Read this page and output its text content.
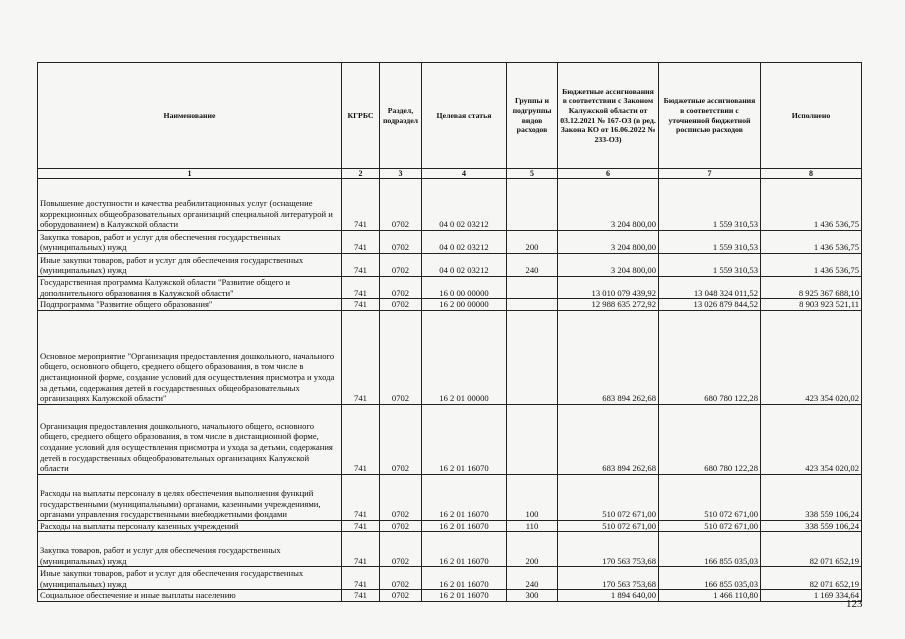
Наименование	КГРБС	Раздел, подраздел	Целевая статья	Группы и подгруппы видов расходов	Бюджетные ассигнования в соответствии с Законом Калужской области от 03.12.2021 № 167-ОЗ (в ред. Закона КО от 16.06.2022 № 233-ОЗ)	Бюджетные ассигнования в соответствии с уточненной бюджетной росписью расходов	Исполнено
1	2	3	4	5	6	7	8
Повышение доступности и качества реабилитационных услуг (оснащение коррекционных общеобразовательных организаций специальной литературой и оборудованием) в Калужской области	741	0702	04 0 02 03212		3 204 800,00	1 559 310,53	1 436 536,75
Закупка товаров, работ и услуг для обеспечения государственных (муниципальных) нужд	741	0702	04 0 02 03212	200	3 204 800,00	1 559 310,53	1 436 536,75
Иные закупки товаров, работ и услуг для обеспечения государственных (муниципальных) нужд	741	0702	04 0 02 03212	240	3 204 800,00	1 559 310,53	1 436 536,75
Государственная программа Калужской области "Развитие общего и дополнительного образования в Калужской области"	741	0702	16 0 00 00000		13 010 079 439,92	13 048 324 011,52	8 925 367 688,10
Подпрограмма "Развитие общего образования"	741	0702	16 2 00 00000		12 988 635 272,92	13 026 879 844,52	8 903 923 521,11
Основное мероприятие "Организация предоставления дошкольного, начального общего, основного общего, среднего общего образования, в том числе в дистанционной форме, создание условий для осуществления присмотра и ухода за детьми, содержания детей в государственных общеобразовательных организациях Калужской области"	741	0702	16 2 01 00000		683 894 262,68	680 780 122,28	423 354 020,02
Организация предоставления дошкольного, начального общего, основного общего, среднего общего образования, в том числе в дистанционной форме, создание условий для осуществления присмотра и ухода за детьми, содержания детей в государственных общеобразовательных организациях Калужской области	741	0702	16 2 01 16070		683 894 262,68	680 780 122,28	423 354 020,02
Расходы на выплаты персоналу в целях обеспечения выполнения функций государственными (муниципальными) органами, казенными учреждениями, органами управления государственными внебюджетными фондами	741	0702	16 2 01 16070	100	510 072 671,00	510 072 671,00	338 559 106,24
Расходы на выплаты персоналу казенных учреждений	741	0702	16 2 01 16070	110	510 072 671,00	510 072 671,00	338 559 106,24
Закупка товаров, работ и услуг для обеспечения государственных (муниципальных) нужд	741	0702	16 2 01 16070	200	170 563 753,68	166 855 035,03	82 071 652,19
Иные закупки товаров, работ и услуг для обеспечения государственных (муниципальных) нужд	741	0702	16 2 01 16070	240	170 563 753,68	166 855 035,03	82 071 652,19
Социальное обеспечение и иные выплаты населению	741	0702	16 2 01 16070	300	1 894 640,00	1 466 110,80	1 169 334,64
123
